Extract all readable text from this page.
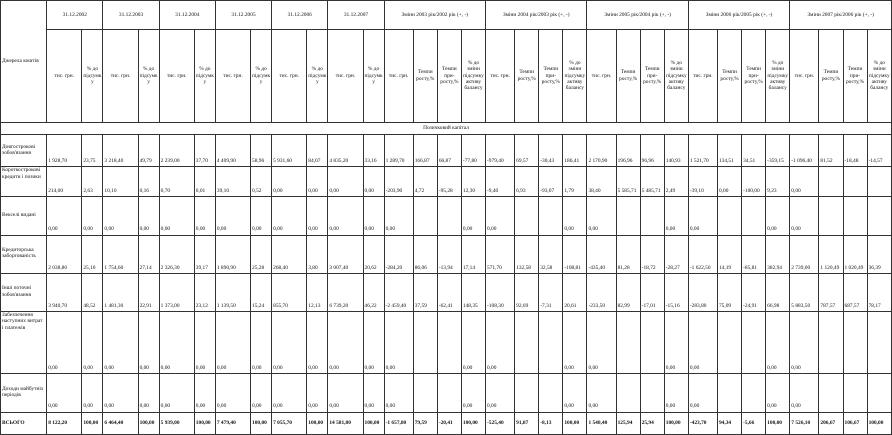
Джерела коштів	31.12.2002		31.12.2003		31.12.2004		31.12.2005		31.12.2006		31.12.2007		Зміни 2003 рік/2002 рік (+, -)				Зміни 2004 рік/2003 рік (+, -)				Зміни 2005 рік/2004 рік (+, -)				Зміни 2006 рік/2005 рік (+, -)				Зміни 2007 рік/2006 рік (+, -)			
	тис. грн.	% до підсумку	тис. грн.	% до підсумку	тис. грн.	% до підсумку	тис. грн.	% до підсумку	тис. грн.	% до підсумку	тис. грн.	% до підсумку	тис. грн.	Темпи росту,%	Темпи при-росту,%	% до зміни підсумку активу балансу	тис. грн.	Темпи росту,%	Темпи при-росту,%	% до зміни підсумку активу балансу	тис. грн.	Темпи росту,%	Темпи при-росту,%	% до зміни підсумку активу балансу	тис. грн.	Темпи росту,%	Темпи при-росту,%	% до зміни підсумку активу балансу	тис. грн.	Темпи росту,%	Темпи при-росту,%	% до зміни підсумку активу балансу
Позичковий капітал																																
Довгострокові зобов'язання	1 928,70	23,75	3 218,40	49,79	2 239,00	37,70	4 409,90	58,96	5 931,60	84,07	4 835,20	33,16	1 289,70	166,87	66,87	-77,80	-979,40	69,57	-30,43	186,41	2 170,90	196,96	96,96	140,93	1 521,70	134,51	34,51	-359,15	-1 096,40	81,52	-18,48	-14,57
Короткострокові кредити і позики	214,00	2,63	10,10	0,16	0,70	0,01	39,10	0,52	0,00	0,00	0,00	0,00	-203,90	4,72	-95,28	12,30	-9,40	6,93	-93,07	1,79	38,40	5 585,71	5 485,71	2,49	-39,10	0,00	-100,00	9,23	0,00			
Векселі видані	0,00	0,00	0,00	0,00	0,00	0,00	0,00	0,00	0,00	0,00	0,00	0,00	0,00			0,00	0,00			0,00	0,00			0,00	0,00			0,00	0,00			
Кредиторська заборгованість	2 038,80	25,10	1 754,60	27,14	2 326,30	39,17	1 890,90	25,28	268,40	3,80	3 007,40	20,62	-284,20	86,06	-13,94	17,14	571,70	132,58	32,58	-108,81	-435,40	81,28	-18,72	-28,27	-1 622,50	14,19	-85,81	382,94	2 739,00	1 120,49	1 020,49	36,39
Інші поточні зобов'язання	3 940,70	48,52	1 481,30	22,91	1 373,00	23,12	1 139,50	15,24	855,70	12,13	6 739,20	46,22	-2 459,40	37,59	-62,41	148,35	-108,30	92,69	-7,31	20,61	-233,50	82,99	-17,01	-15,16	-283,80	75,09	-24,91	66,98	5 883,50	787,57	687,57	78,17
Забезпечення наступних витрат і платежів	0,00	0,00	0,00	0,00	0,00	0,00	0,00	0,00	0,00	0,00	0,00	0,00	0,00			0,00	0,00			0,00	0,00			0,00	0,00			0,00	0,00			
Доходи майбутніх періодів	0,00	0,00	0,00	0,00	0,00	0,00	0,00	0,00	0,00	0,00	0,00	0,00	0,00			0,00	0,00			0,00	0,00			0,00	0,00			0,00	0,00			
ВСЬОГО	8 122,20	100,00	6 464,40	100,00	5 939,00	100,00	7 479,40	100,00	7 055,70	100,00	14 581,80	100,00	-1 657,80	79,59	-20,41	100,00	-525,40	91,87	-8,13	100,00	1 540,40	125,94	25,94	100,00	-423,70	94,34	-5,66	100,00	7 526,10	206,67	106,67	100,00
